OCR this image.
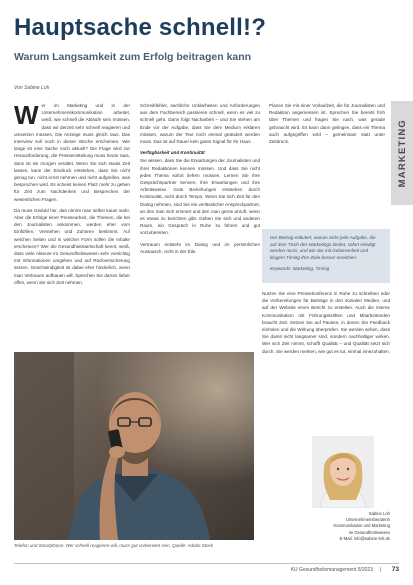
Hauptsache schnell!?
Warum Langsamkeit zum Erfolg beitragen kann
Von Sabine Loh

Wer im Marketing und in der Unternehmenskommunikation arbeitet, weiß, wie schnell die Abläufe sein müssen, dass wir derzeit sehr schnell reagieren und umsetzen müssen. Die Anzeige muss gleich raus. Das Interview soll noch in dieser Woche erscheinen. Wie lange ist eine Sache noch aktuell? Die Frage wird zur Herausforderung, die Pressemitteilung muss heute raus, dann ist sie morgen veraltet. Wenn Sie sich etwas Zeit lassen, kann der Eindruck entstehen, dass Sie nicht genug tun, nicht ernst nehmen und nicht aufgreifen, was besprochen wird. Es scheint keinen Platz mehr zu geben für Zeit zum Nachdenken und Besprechen der wesentlichen Fragen.

Da muss Geduld her, das nimmt man selbst kaum wahr. Aber die Erfolge einer Pressearbeit, die Themen, die bei den Journalisten ankommen, werden eher vom Einfühlen, Verstehen und Zuhören bestimmt. Auf welchen Seiten und in welcher Form sollen die Inhalte erscheinen? Wer die Gesundheitswirtschaft kennt, weiß, dass viele Akteure im Gesundheitswesen sehr vorsichtig mit Informationen umgehen und auf Rückversicherung setzen. Geschwindigkeit ist dabei eher hinderlich, wenn man Vertrauen aufbauen will. Sprechen Sie darum lieber offen, wenn Sie sich Zeit nehmen.

Schreibfehler, sachliche Unklarheiten und Anforderungen aus dem Fachbereich passieren schnell, wenn es viel zu schnell geht. Dann folgt Nacharbeit – und Sie stehen am Ende vor der Aufgabe, dass Sie dem Medium erklären müssen, warum der Text noch einmal geändert werden muss. Das ist auf Dauer kein gutes Signal für Ihr Haus.

Verfügbarkeit und Kontinuität

Sie wissen, dass Sie die Erwartungen der Journalisten und ihrer Redaktionen kennen müssen. Und dass Sie nicht jedes Thema sofort liefern müssen. Lernen Sie Ihre Gesprächspartner kennen, ihre Erwartungen und ihre Arbeitsweise. Gute Beziehungen entstehen durch Kontinuität, nicht durch Tempo. Wenn Sie sich Zeit für den Dialog nehmen, sind Sie ein verlässlicher Ansprechpartner, an den man sich erinnert und den man gerne anruft, wenn es etwas zu berichten gibt. Geben Sie sich und anderen Raum, ein Gespräch in Ruhe zu führen und gut vorzubereiten.

Vertrauen entsteht im Dialog und im persönlichen Austausch, nicht in der Eile.

Planen Sie mit einer Vorlaufzeit, die für Journalisten und Redaktion angemessen ist. Sprechen Sie bereits früh über Themen und fragen Sie nach, was gerade gebraucht wird. Es kann dann gelingen, dass ein Thema auch aufgegriffen wird – gemeinsam statt unter Zeitdruck.	MARKETING
Der Beitrag erläutert, warum nicht jede Aufgabe, die auf dem Tisch des Marketings landet, sofort erledigt werden muss, und wie Sie mit Gelassenheit und klugem Timing Ihre Ziele besser erreichen.
Keywords: Marketing, Timing

Nutzen Sie eine Pressekonferenz in Ruhe zu schreiben oder die Vorbereitungen für Beiträge in den sozialen Medien, und auf der Website einen Bericht zu erstellen. Auch die interne Kommunikation mit Führungskräften und Mitarbeitenden braucht Zeit. Setzen Sie auf Pausen, in denen Sie Feedback einholen und die Wirkung überprüfen. Sie werden sehen, dass Sie damit nicht langsamer sind, sondern nachhaltiger wirken. Wer sich Zeit nimmt, schafft Qualität – und Qualität setzt sich durch. Sie werden merken, wie gut es tut, einmal innezuhalten.

Telefon und Smartphone: Wer schnell reagieren will, muss gut vorbereitet sein. Quelle: Adobe Stock
Sabine Loh
Unternehmensberaterin
Kommunikation und Marketing
im Gesundheitswesen
E-Mail: info@sabine-loh.de
KU Gesundheitsmanagement 5/2023 | 73
